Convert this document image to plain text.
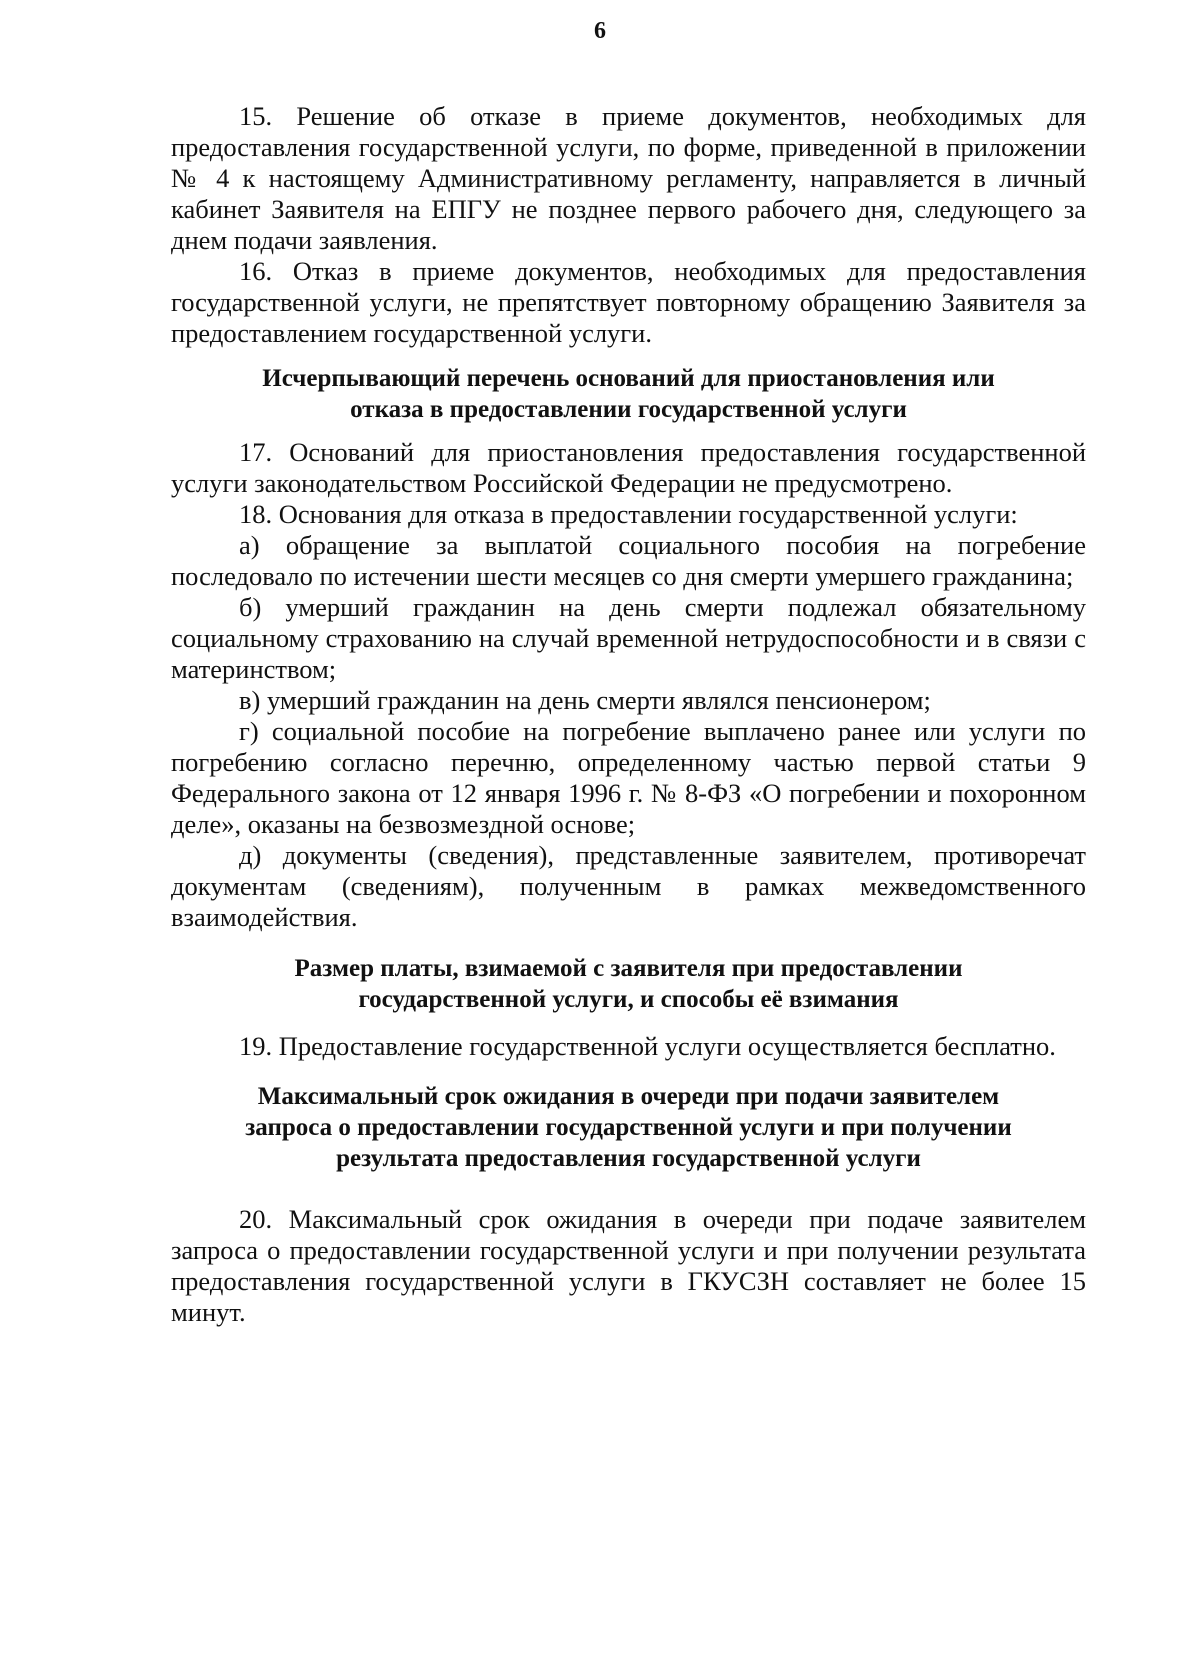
6

15. Решение об отказе в приеме документов, необходимых для предоставления государственной услуги, по форме, приведенной в приложении № 4 к настоящему Административному регламенту, направляется в личный кабинет Заявителя на ЕПГУ не позднее первого рабочего дня, следующего за днем подачи заявления.

16. Отказ в приеме документов, необходимых для предоставления государственной услуги, не препятствует повторному обращению Заявителя за предоставлением государственной услуги.

Исчерпывающий перечень оснований для приостановления или
отказа в предоставлении государственной услуги

17. Оснований для приостановления предоставления государственной услуги законодательством Российской Федерации не предусмотрено.

18. Основания для отказа в предоставлении государственной услуги:

а) обращение за выплатой социального пособия на погребение последовало по истечении шести месяцев со дня смерти умершего гражданина;

б) умерший гражданин на день смерти подлежал обязательному социальному страхованию на случай временной нетрудоспособности и в связи с материнством;

в) умерший гражданин на день смерти являлся пенсионером;

г) социальной пособие на погребение выплачено ранее или услуги по погребению согласно перечню, определенному частью первой статьи 9 Федерального закона от 12 января 1996 г. № 8-ФЗ «О погребении и похоронном деле», оказаны на безвозмездной основе;

д) документы (сведения), представленные заявителем, противоречат документам (сведениям), полученным в рамках межведомственного взаимодействия.

Размер платы, взимаемой с заявителя при предоставлении
государственной услуги, и способы её взимания

19. Предоставление государственной услуги осуществляется бесплатно.

Максимальный срок ожидания в очереди при подачи заявителем
запроса о предоставлении государственной услуги и при получении
результата предоставления государственной услуги

20. Максимальный срок ожидания в очереди при подаче заявителем запроса о предоставлении государственной услуги и при получении результата предоставления государственной услуги в ГКУСЗН составляет не более 15 минут.
